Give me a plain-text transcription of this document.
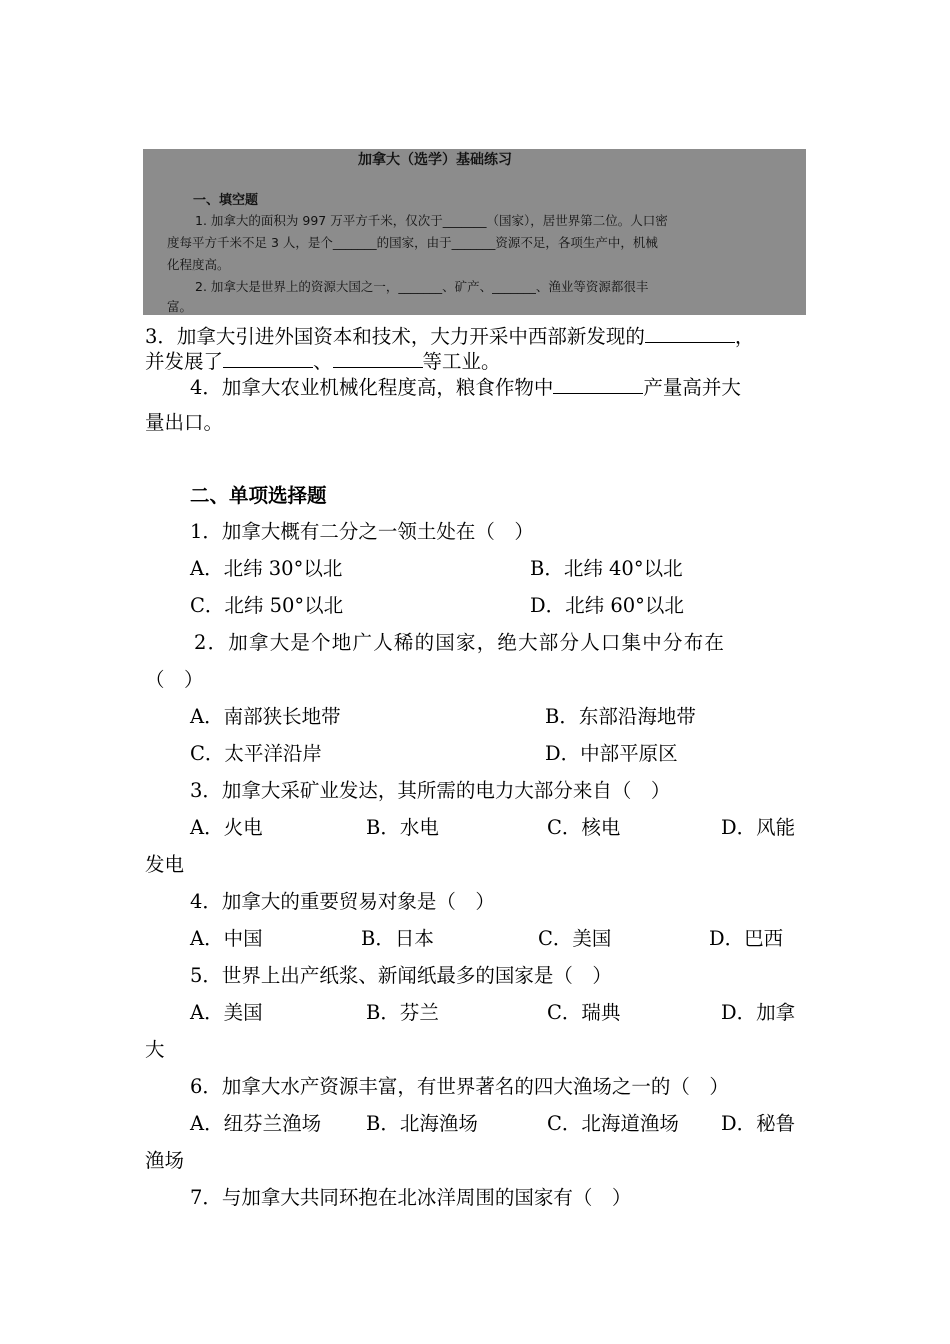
加拿大（选学）基础练习
一、填空题
1. 加拿大的面积为 997 万平方千米，仅次于_______（国家），居世界第二位。人口密
度每平方千米不足 3 人，是个_______的国家，由于_______资源不足，各项生产中，机械
化程度高。
2. 加拿大是世界上的资源大国之一，_______、矿产、_______、渔业等资源都很丰
富。
3．加拿大引进外国资本和技术，大力开采中西部新发现的	，
并发展了	、	等工业。
4．加拿大农业机械化程度高，粮食作物中	产量高并大
量出口。
二、单项选择题
1．加拿大概有二分之一领土处在（　）
A．北纬 30°以北	B．北纬 40°以北
C．北纬 50°以北	D．北纬 60°以北
2．加拿大是个地广人稀的国家，绝大部分人口集中分布在
（　）
A．南部狭长地带	B．东部沿海地带
C．太平洋沿岸	D．中部平原区
3．加拿大采矿业发达，其所需的电力大部分来自（　）
A．火电	B．水电	C．核电	D．风能
发电
4．加拿大的重要贸易对象是（　）
A．中国	B．日本	C．美国	D．巴西
5．世界上出产纸浆、新闻纸最多的国家是（　）
A．美国	B．芬兰	C．瑞典	D．加拿
大
6．加拿大水产资源丰富，有世界著名的四大渔场之一的（　）
A．纽芬兰渔场 B．北海渔场	C．北海道渔场 D．秘鲁
渔场
7．与加拿大共同环抱在北冰洋周围的国家有（　）
